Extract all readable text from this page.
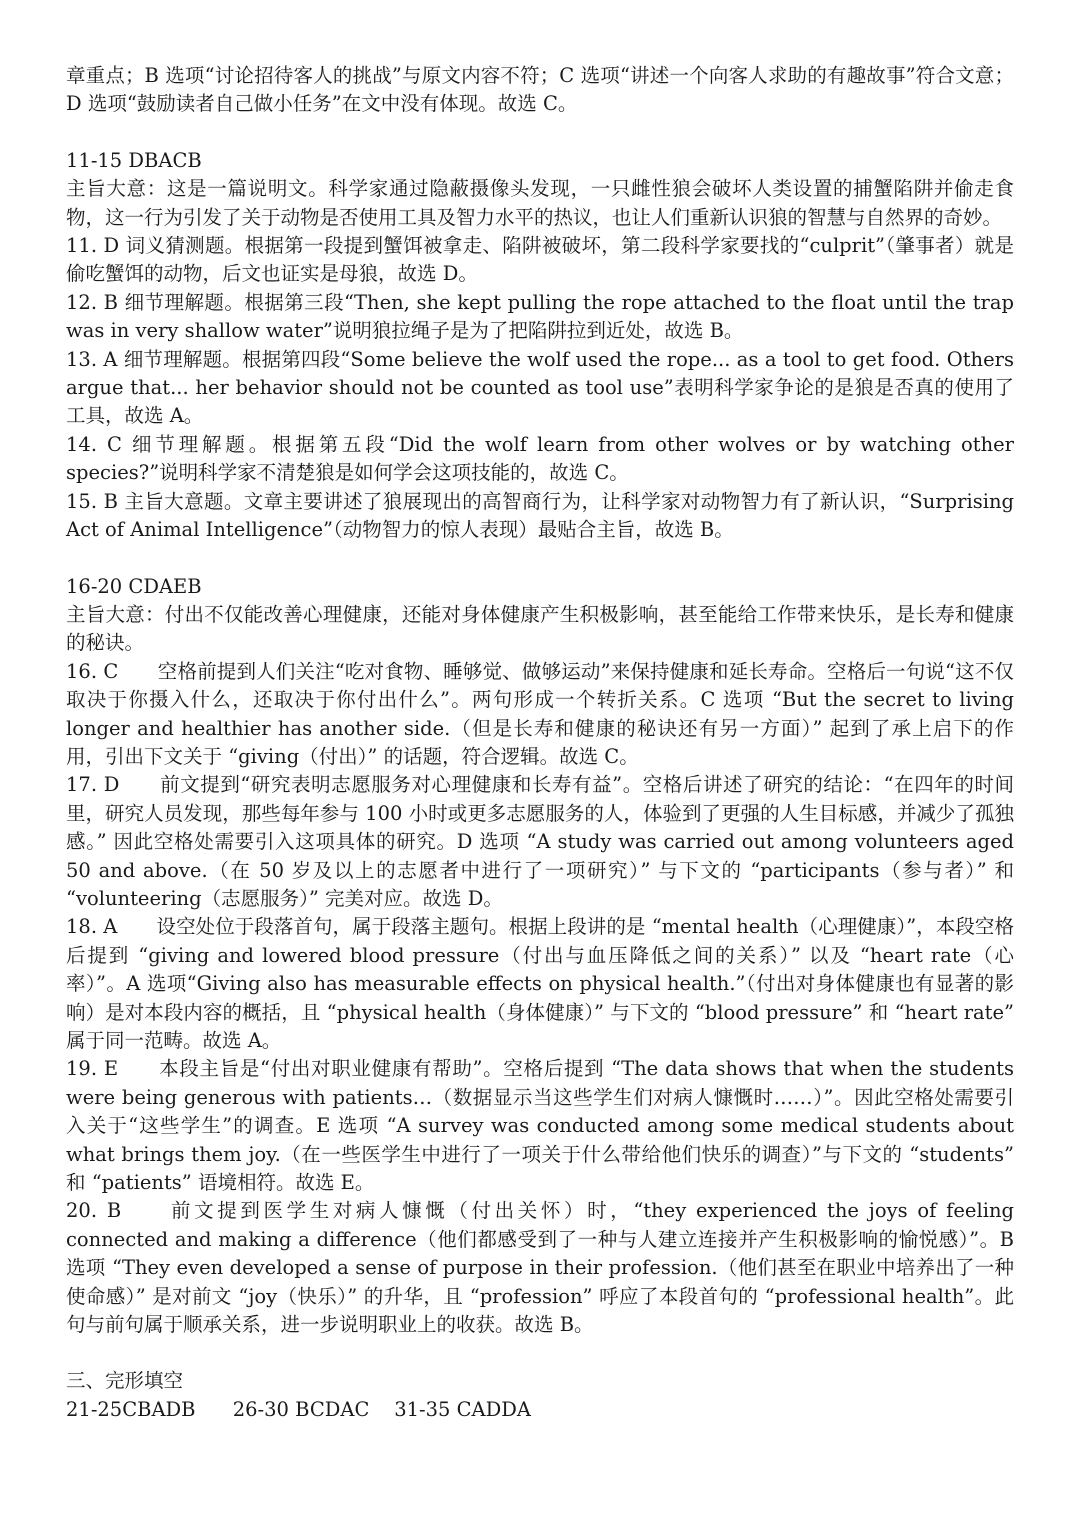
章重点；B 选项“讨论招待客人的挑战”与原文内容不符；C 选项“讲述一个向客人求助的有趣故事”符合文意；D 选项“鼓励读者自己做小任务”在文中没有体现。故选 C。

11-15 DBACB

主旨大意：这是一篇说明文。科学家通过隐蔽摄像头发现，一只雌性狼会破坏人类设置的捕蟹陷阱并偷走食物，这一行为引发了关于动物是否使用工具及智力水平的热议，也让人们重新认识狼的智慧与自然界的奇妙。

11. D 词义猜测题。根据第一段提到蟹饵被拿走、陷阱被破坏，第二段科学家要找的“culprit”（肇事者）就是偷吃蟹饵的动物，后文也证实是母狼，故选 D。

12. B 细节理解题。根据第三段“Then, she kept pulling the rope attached to the float until the trap was in very shallow water”说明狼拉绳子是为了把陷阱拉到近处，故选 B。

13. A 细节理解题。根据第四段“Some believe the wolf used the rope... as a tool to get food. Others argue that... her behavior should not be counted as tool use”表明科学家争论的是狼是否真的使用了工具，故选 A。

14. C 细节理解题。根据第五段“Did the wolf learn from other wolves or by watching other species?”说明科学家不清楚狼是如何学会这项技能的，故选 C。

15. B 主旨大意题。文章主要讲述了狼展现出的高智商行为，让科学家对动物智力有了新认识，“Surprising Act of Animal Intelligence”（动物智力的惊人表现）最贴合主旨，故选 B。

16-20 CDAEB

主旨大意：付出不仅能改善心理健康，还能对身体健康产生积极影响，甚至能给工作带来快乐，是长寿和健康的秘诀。

16. C　　空格前提到人们关注“吃对食物、睡够觉、做够运动”来保持健康和延长寿命。空格后一句说“这不仅取决于你摄入什么，还取决于你付出什么”。两句形成一个转折关系。C 选项 “But the secret to living longer and healthier has another side.（但是长寿和健康的秘诀还有另一方面）” 起到了承上启下的作用，引出下文关于 “giving（付出）” 的话题，符合逻辑。故选 C。

17. D　　前文提到“研究表明志愿服务对心理健康和长寿有益”。空格后讲述了研究的结论：“在四年的时间里，研究人员发现，那些每年参与 100 小时或更多志愿服务的人，体验到了更强的人生目标感，并减少了孤独感。” 因此空格处需要引入这项具体的研究。D 选项 “A study was carried out among volunteers aged 50 and above.（在 50 岁及以上的志愿者中进行了一项研究）” 与下文的 “participants（参与者）” 和 “volunteering（志愿服务）” 完美对应。故选 D。

18. A　　设空处位于段落首句，属于段落主题句。根据上段讲的是 “mental health（心理健康）”，本段空格后提到 “giving and lowered blood pressure（付出与血压降低之间的关系）” 以及 “heart rate（心率）”。A 选项“Giving also has measurable effects on physical health.”（付出对身体健康也有显著的影响）是对本段内容的概括，且 “physical health（身体健康）” 与下文的 “blood pressure” 和 “heart rate” 属于同一范畴。故选 A。

19. E　　本段主旨是“付出对职业健康有帮助”。空格后提到 “The data shows that when the students were being generous with patients…（数据显示当这些学生们对病人慷慨时……）”。因此空格处需要引入关于“这些学生”的调查。E 选项 “A survey was conducted among some medical students about what brings them joy.（在一些医学生中进行了一项关于什么带给他们快乐的调查）”与下文的 “students” 和 “patients” 语境相符。故选 E。

20. B　　前文提到医学生对病人慷慨（付出关怀）时，“they experienced the joys of feeling connected and making a difference（他们都感受到了一种与人建立连接并产生积极影响的愉悦感）”。B 选项 “They even developed a sense of purpose in their profession.（他们甚至在职业中培养出了一种使命感）” 是对前文 “joy（快乐）” 的升华，且 “profession” 呼应了本段首句的 “professional health”。此句与前句属于顺承关系，进一步说明职业上的收获。故选 B。

三、完形填空

21-25CBADB 26-30 BCDAC 31-35 CADDA
